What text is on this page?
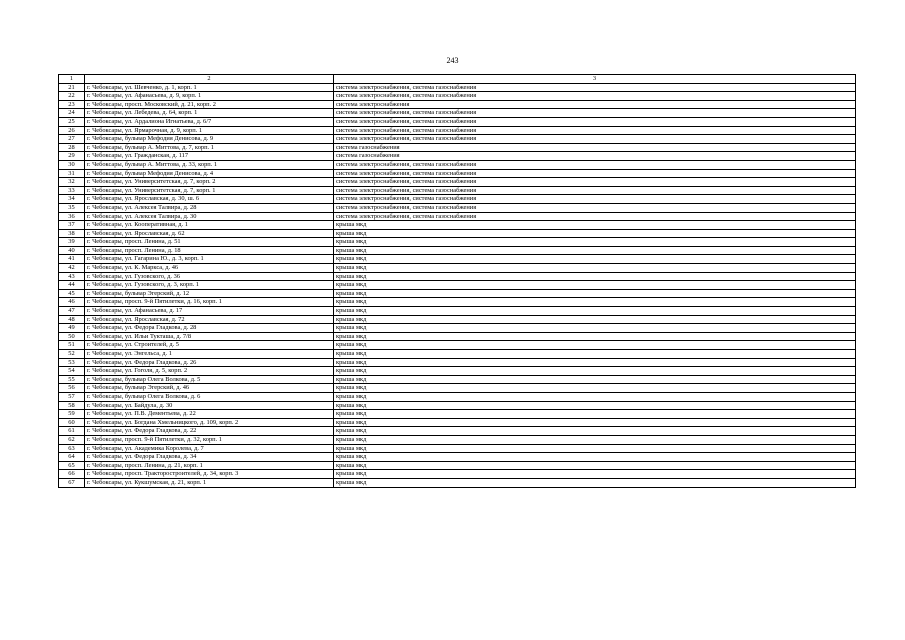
243
1	2	3
21	г. Чебоксары, ул. Шевченко, д. 1, корп. 1	система электроснабжения, система газоснабжения
22	г. Чебоксары, ул. Афанасьева, д. 9, корп. 1	система электроснабжения, система газоснабжения
23	г. Чебоксары, просп. Московский, д. 21, корп. 2	система электроснабжения
24	г. Чебоксары, ул. Лебедева, д. 64, корп. 1	система электроснабжения, система газоснабжения
25	г. Чебоксары, ул. Ардалиона Игнатьева, д. 6/7	система электроснабжения, система газоснабжения
26	г. Чебоксары, ул. Ярмарочная, д. 9, корп. 1	система электроснабжения, система газоснабжения
27	г. Чебоксары, бульвар Мефодия Денисова, д. 9	система электроснабжения, система газоснабжения
28	г. Чебоксары, бульвар А. Миттова, д. 7, корп. 1	система газоснабжения
29	г. Чебоксары, ул. Гражданская, д. 117	система газоснабжения
30	г. Чебоксары, бульвар А. Миттова, д. 33, корп. 1	система электроснабжения, система газоснабжения
31	г. Чебоксары, бульвар Мефодия Денисова, д. 4	система электроснабжения, система газоснабжения
32	г. Чебоксары, ул. Университетская, д. 7, корп. 2	система электроснабжения, система газоснабжения
33	г. Чебоксары, ул. Университетская, д. 7, корп. 1	система электроснабжения, система газоснабжения
34	г. Чебоксары, ул. Ярославская, д. 30, ш. 6	система электроснабжения, система газоснабжения
35	г. Чебоксары, ул. Алексея Талвира, д. 28	система электроснабжения, система газоснабжения
36	г. Чебоксары, ул. Алексея Талвира, д. 30	система электроснабжения, система газоснабжения
37	г. Чебоксары, ул. Кооперативная, д. 1	крыша мкд
38	г. Чебоксары, ул. Ярославская, д. 62	крыша мкд
39	г. Чебоксары, просп. Ленина, д. 51	крыша мкд
40	г. Чебоксары, просп. Ленина, д. 18	крыша мкд
41	г. Чебоксары, ул. Гагарина Ю., д. 3, корп. 1	крыша мкд
42	г. Чебоксары, ул. К. Маркса, д. 46	крыша мкд
43	г. Чебоксары, ул. Гузовского, д. 36	крыша мкд
44	г. Чебоксары, ул. Гузовского, д. 3, корп. 1	крыша мкд
45	г. Чебоксары, бульвар Эгерский, д. 12	крыша мкд
46	г. Чебоксары, просп. 9-й Пятилетки, д. 16, корп. 1	крыша мкд
47	г. Чебоксары, ул. Афанасьева, д. 17	крыша мкд
48	г. Чебоксары, ул. Ярославская, д. 72	крыша мкд
49	г. Чебоксары, ул. Федора Гладкова, д. 28	крыша мкд
50	г. Чебоксары, ул. Ильи Тукташа, д. 7/8	крыша мкд
51	г. Чебоксары, ул. Строителей, д. 5	крыша мкд
52	г. Чебоксары, ул. Энгельса, д. 1	крыша мкд
53	г. Чебоксары, ул. Федора Гладкова, д. 26	крыша мкд
54	г. Чебоксары, ул. Гоголя, д. 5, корп. 2	крыша мкд
55	г. Чебоксары, бульвар Олега Волкова, д. 5	крыша мкд
56	г. Чебоксары, бульвар Эгерский, д. 46	крыша мкд
57	г. Чебоксары, бульвар Олега Волкова, д. 6	крыша мкд
58	г. Чебоксары, ул. Байдула, д. 30	крыша мкд
59	г. Чебоксары, ул. П.В. Дементьева, д. 22	крыша мкд
60	г. Чебоксары, ул. Богдана Хмельницкого, д. 109, корп. 2	крыша мкд
61	г. Чебоксары, ул. Федора Гладкова, д. 22	крыша мкд
62	г. Чебоксары, просп. 9-й Пятилетки, д. 32, корп. 1	крыша мкд
63	г. Чебоксары, ул. Академика Королева, д. 7	крыша мкд
64	г. Чебоксары, ул. Федора Гладкова, д. 34	крыша мкд
65	г. Чебоксары, просп. Ленина, д. 21, корп. 1	крыша мкд
66	г. Чебоксары, просп. Тракторостроителей, д. 34, корп. 3	крыша мкд
67	г. Чебоксары, ул. Кукшумская, д. 21, корп. 1	крыша мкд
